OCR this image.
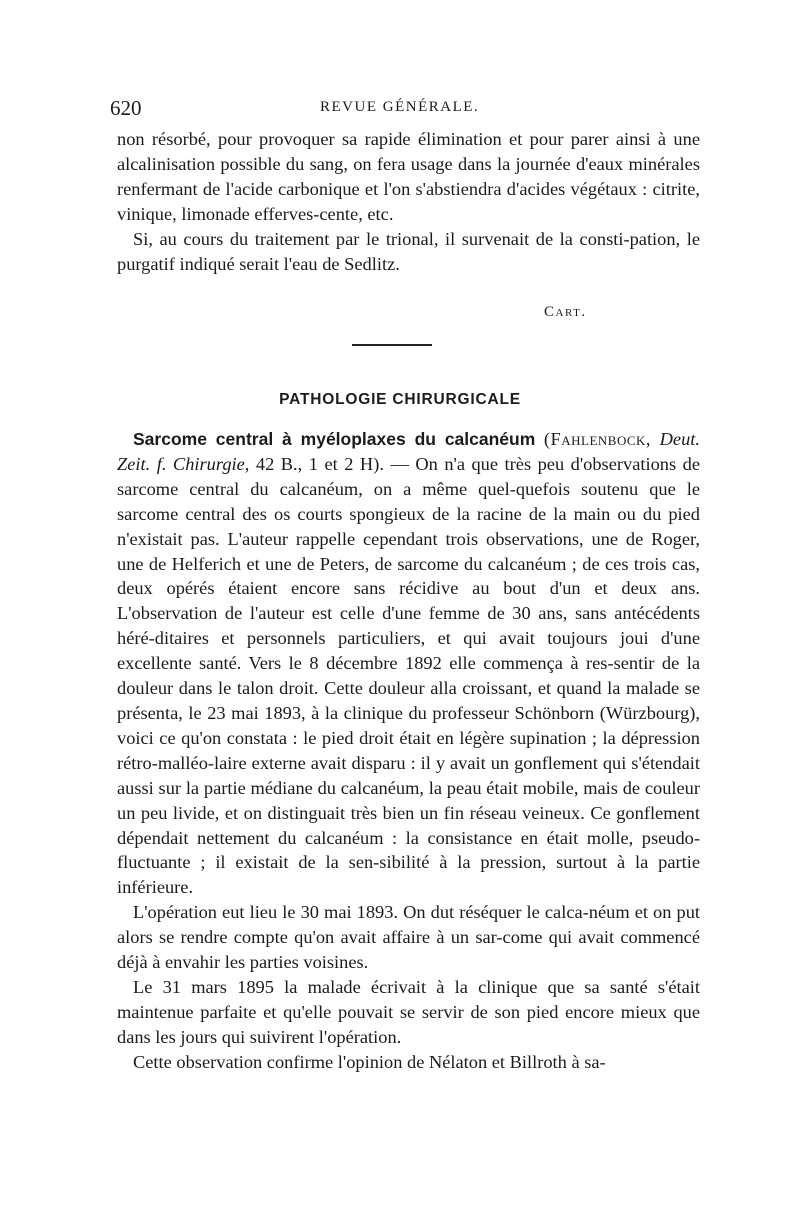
620	REVUE GÉNÉRALE.

non résorbé, pour provoquer sa rapide élimination et pour parer ainsi à une alcalinisation possible du sang, on fera usage dans la journée d'eaux minérales renfermant de l'acide carbonique et l'on s'abstiendra d'acides végétaux : citrite, vinique, limonade efferves-cente, etc.

Si, au cours du traitement par le trional, il survenait de la consti-pation, le purgatif indiqué serait l'eau de Sedlitz.

Cart.
PATHOLOGIE CHIRURGICALE

Sarcome central à myéloplaxes du calcanéum (Fahlenbock, Deut. Zeit. f. Chirurgie, 42 B., 1 et 2 H). — On n'a que très peu d'observations de sarcome central du calcanéum, on a même quel-quefois soutenu que le sarcome central des os courts spongieux de la racine de la main ou du pied n'existait pas. L'auteur rappelle cependant trois observations, une de Roger, une de Helferich et une de Peters, de sarcome du calcanéum ; de ces trois cas, deux opérés étaient encore sans récidive au bout d'un et deux ans. L'observation de l'auteur est celle d'une femme de 30 ans, sans antécédents héré-ditaires et personnels particuliers, et qui avait toujours joui d'une excellente santé. Vers le 8 décembre 1892 elle commença à res-sentir de la douleur dans le talon droit. Cette douleur alla croissant, et quand la malade se présenta, le 23 mai 1893, à la clinique du professeur Schönborn (Würzbourg), voici ce qu'on constata : le pied droit était en légère supination ; la dépression rétro-malléo-laire externe avait disparu : il y avait un gonflement qui s'étendait aussi sur la partie médiane du calcanéum, la peau était mobile, mais de couleur un peu livide, et on distinguait très bien un fin réseau veineux. Ce gonflement dépendait nettement du calcanéum : la consistance en était molle, pseudo-fluctuante ; il existait de la sen-sibilité à la pression, surtout à la partie inférieure.

L'opération eut lieu le 30 mai 1893. On dut réséquer le calca-néum et on put alors se rendre compte qu'on avait affaire à un sar-come qui avait commencé déjà à envahir les parties voisines.

Le 31 mars 1895 la malade écrivait à la clinique que sa santé s'était maintenue parfaite et qu'elle pouvait se servir de son pied encore mieux que dans les jours qui suivirent l'opération.

Cette observation confirme l'opinion de Nélaton et Billroth à sa-
